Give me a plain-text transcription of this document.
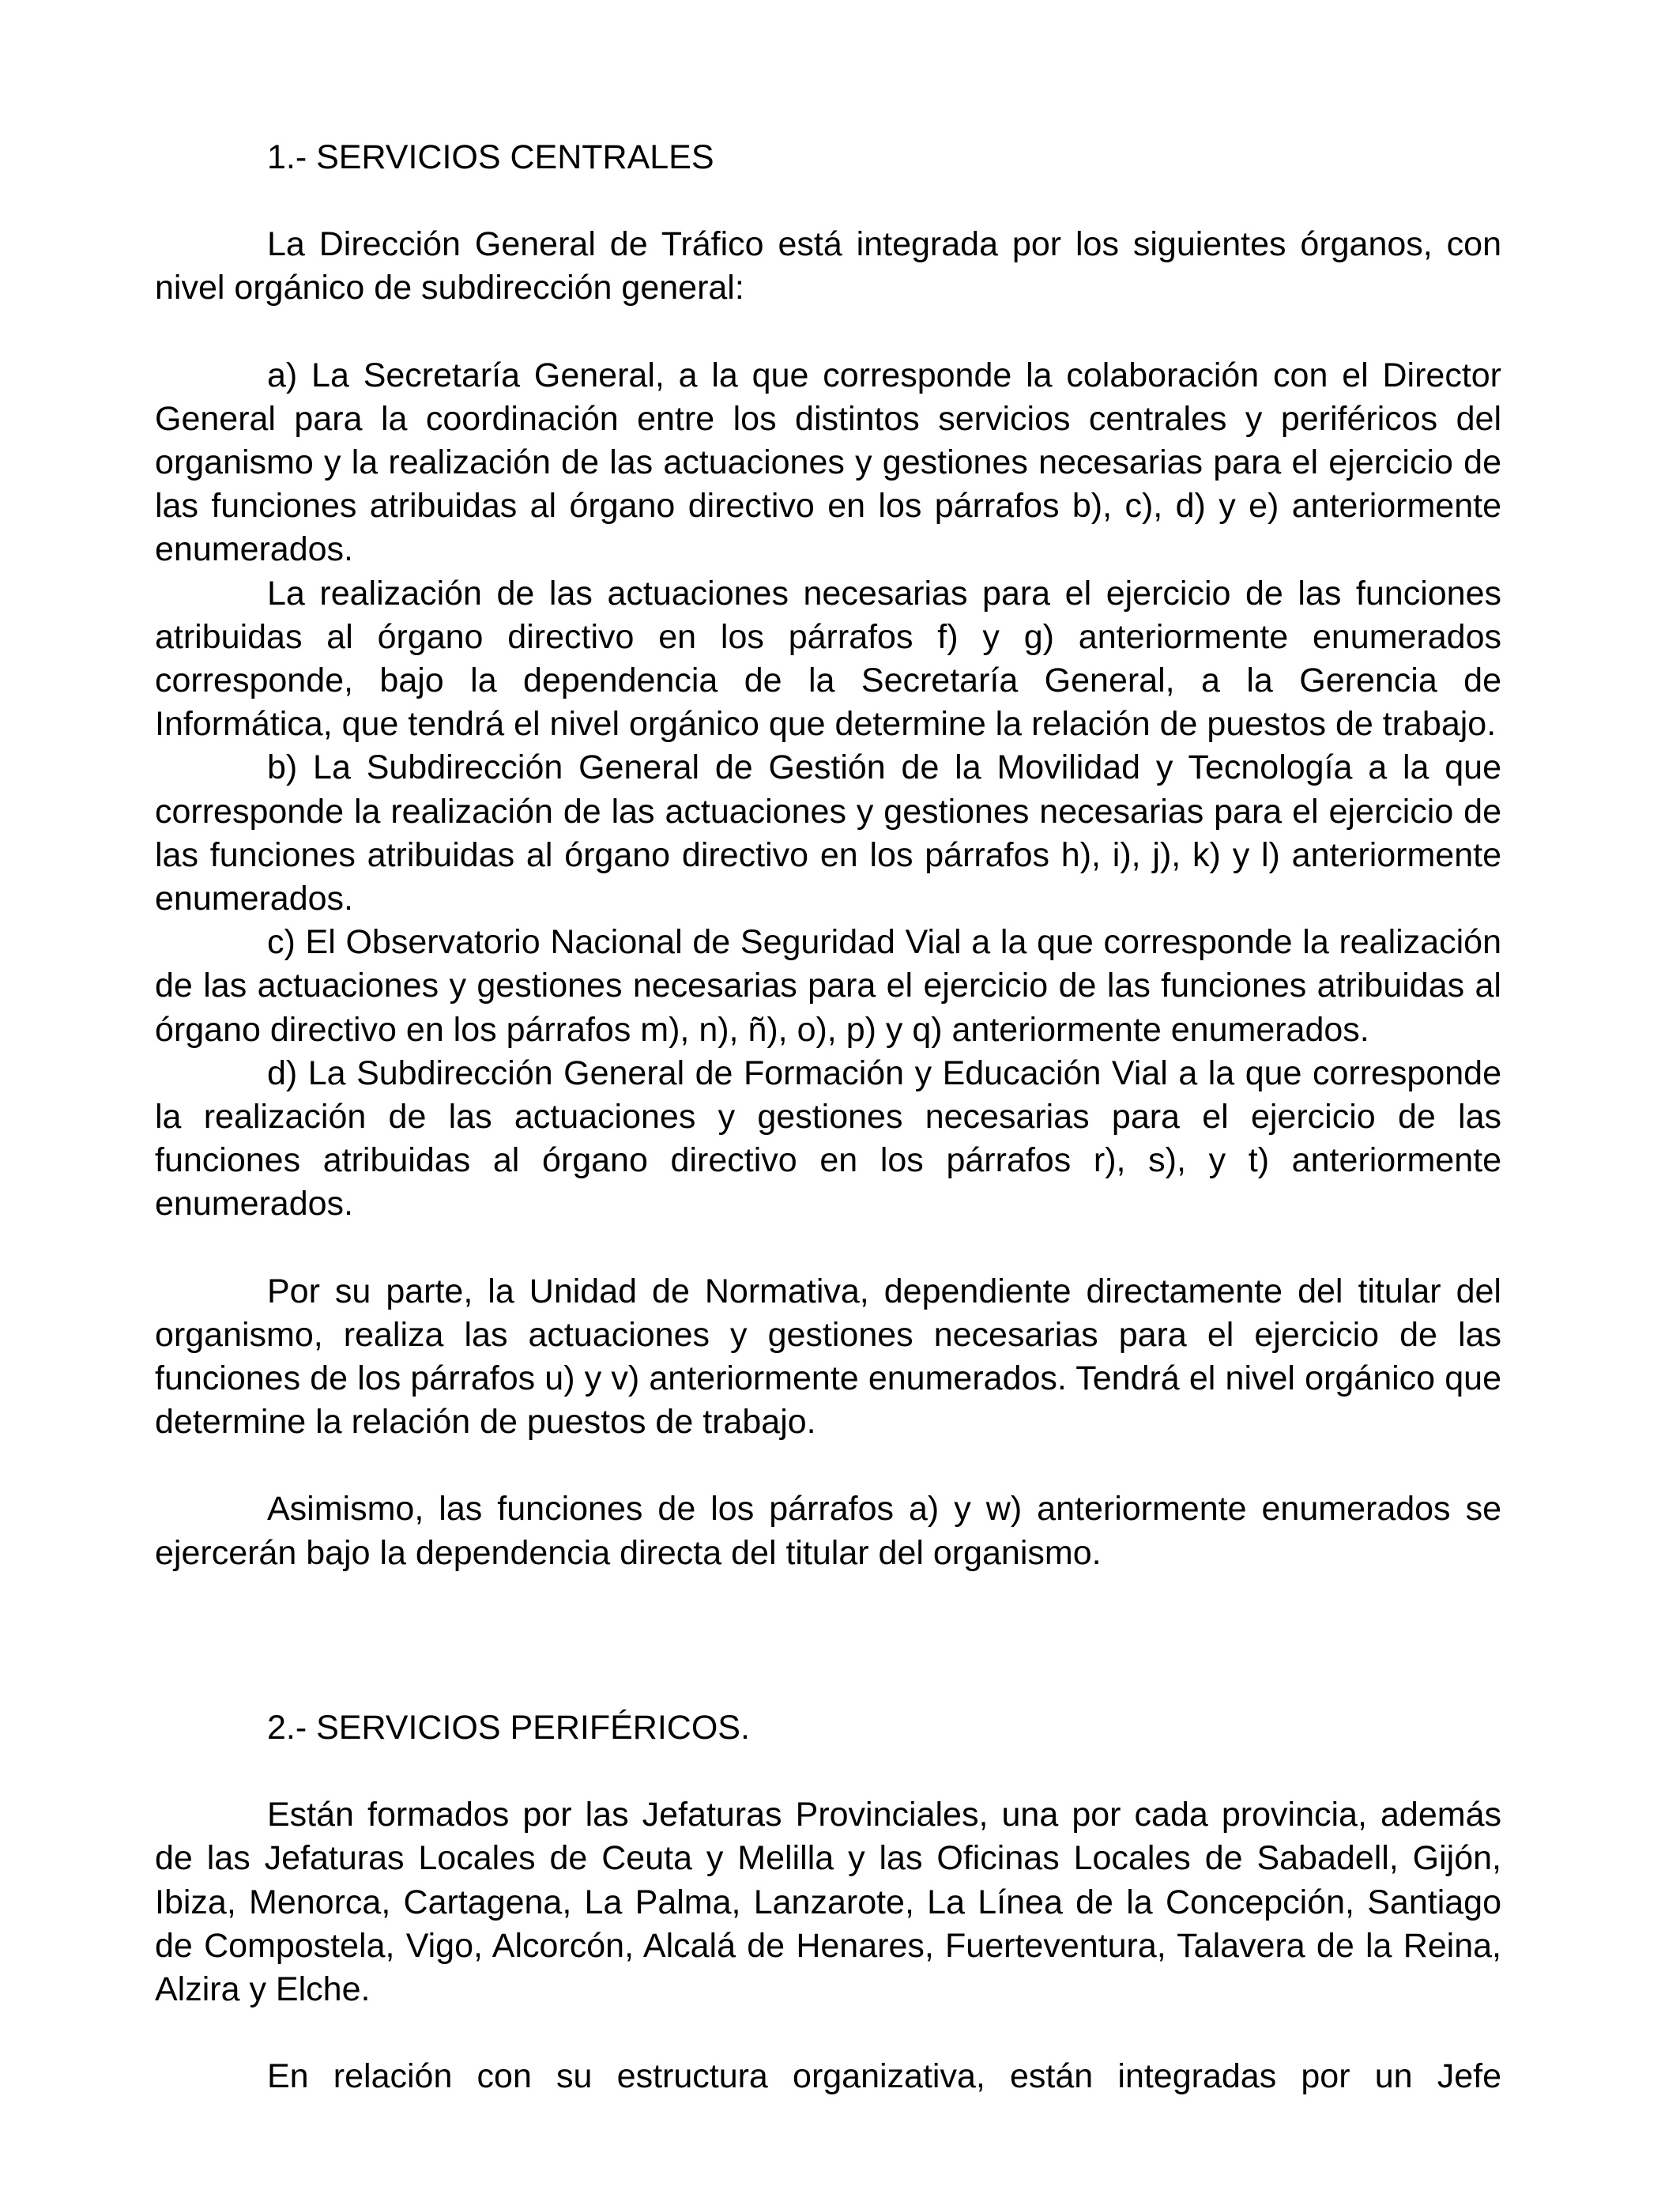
1.- SERVICIOS CENTRALES

La Dirección General de Tráfico está integrada por los siguientes órganos, con nivel orgánico de subdirección general:

a) La Secretaría General, a la que corresponde la colaboración con el Director General para la coordinación entre los distintos servicios centrales y periféricos del organismo y la realización de las actuaciones y gestiones necesarias para el ejercicio de las funciones atribuidas al órgano directivo en los párrafos b), c), d) y e) anteriormente enumerados.

La realización de las actuaciones necesarias para el ejercicio de las funciones atribuidas al órgano directivo en los párrafos f) y g) anteriormente enumerados corresponde, bajo la dependencia de la Secretaría General, a la Gerencia de Informática, que tendrá el nivel orgánico que determine la relación de puestos de trabajo.

b) La Subdirección General de Gestión de la Movilidad y Tecnología a la que corresponde la realización de las actuaciones y gestiones necesarias para el ejercicio de las funciones atribuidas al órgano directivo en los párrafos h), i), j), k) y l) anteriormente enumerados.

c) El Observatorio Nacional de Seguridad Vial a la que corresponde la realización de las actuaciones y gestiones necesarias para el ejercicio de las funciones atribuidas al órgano directivo en los párrafos m), n), ñ), o), p) y q) anteriormente enumerados.

d) La Subdirección General de Formación y Educación Vial a la que corresponde la realización de las actuaciones y gestiones necesarias para el ejercicio de las funciones atribuidas al órgano directivo en los párrafos r), s), y t) anteriormente enumerados.

Por su parte, la Unidad de Normativa, dependiente directamente del titular del organismo, realiza las actuaciones y gestiones necesarias para el ejercicio de las funciones de los párrafos u) y v) anteriormente enumerados. Tendrá el nivel orgánico que determine la relación de puestos de trabajo.

Asimismo, las funciones de los párrafos a) y w) anteriormente enumerados se ejercerán bajo la dependencia directa del titular del organismo.

2.- SERVICIOS PERIFÉRICOS.

Están formados por las Jefaturas Provinciales, una por cada provincia, además de las Jefaturas Locales de Ceuta y Melilla y las Oficinas Locales de Sabadell, Gijón, Ibiza, Menorca, Cartagena, La Palma, Lanzarote, La Línea de la Concepción, Santiago de Compostela, Vigo, Alcorcón, Alcalá de Henares, Fuerteventura, Talavera de la Reina, Alzira y Elche.

En relación con su estructura organizativa, están integradas por un Jefe
